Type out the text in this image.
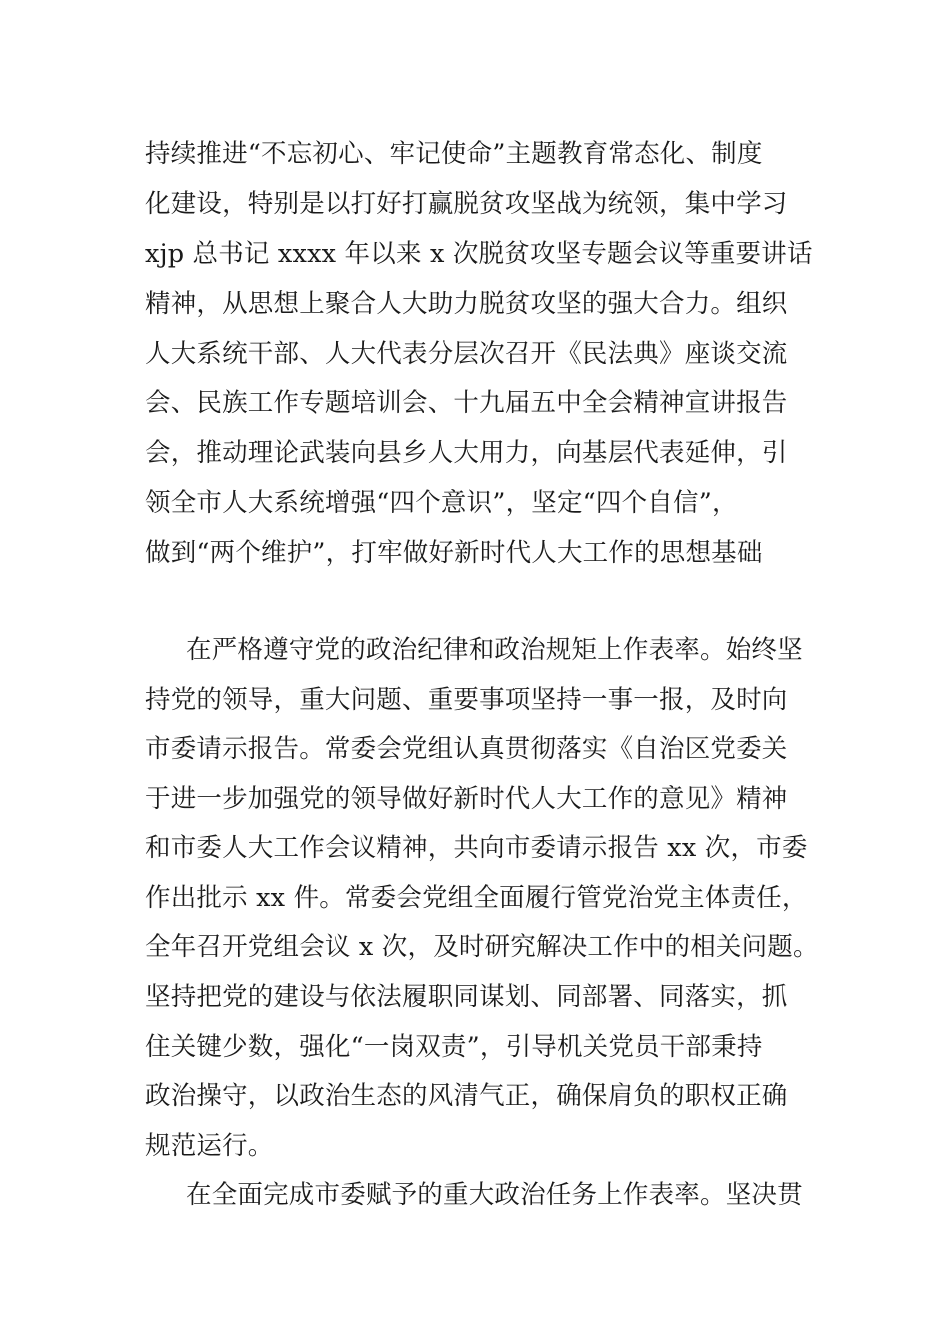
持续推进“不忘初心、牢记使命”主题教育常态化、制度

化建设，特别是以打好打赢脱贫攻坚战为统领，集中学习

xjp 总书记 xxxx 年以来 x 次脱贫攻坚专题会议等重要讲话

精神，从思想上聚合人大助力脱贫攻坚的强大合力。组织

人大系统干部、人大代表分层次召开《民法典》座谈交流

会、民族工作专题培训会、十九届五中全会精神宣讲报告

会，推动理论武装向县乡人大用力，向基层代表延伸，引

领全市人大系统增强“四个意识”，坚定“四个自信”，

做到“两个维护”，打牢做好新时代人大工作的思想基础

在严格遵守党的政治纪律和政治规矩上作表率。始终坚

持党的领导，重大问题、重要事项坚持一事一报，及时向

市委请示报告。常委会党组认真贯彻落实《自治区党委关

于进一步加强党的领导做好新时代人大工作的意见》精神

和市委人大工作会议精神，共向市委请示报告 xx 次，市委

作出批示 xx 件。常委会党组全面履行管党治党主体责任，

全年召开党组会议 x 次，及时研究解决工作中的相关问题。

坚持把党的建设与依法履职同谋划、同部署、同落实，抓

住关键少数，强化“一岗双责”，引导机关党员干部秉持

政治操守，以政治生态的风清气正，确保肩负的职权正确

规范运行。

在全面完成市委赋予的重大政治任务上作表率。坚决贯
